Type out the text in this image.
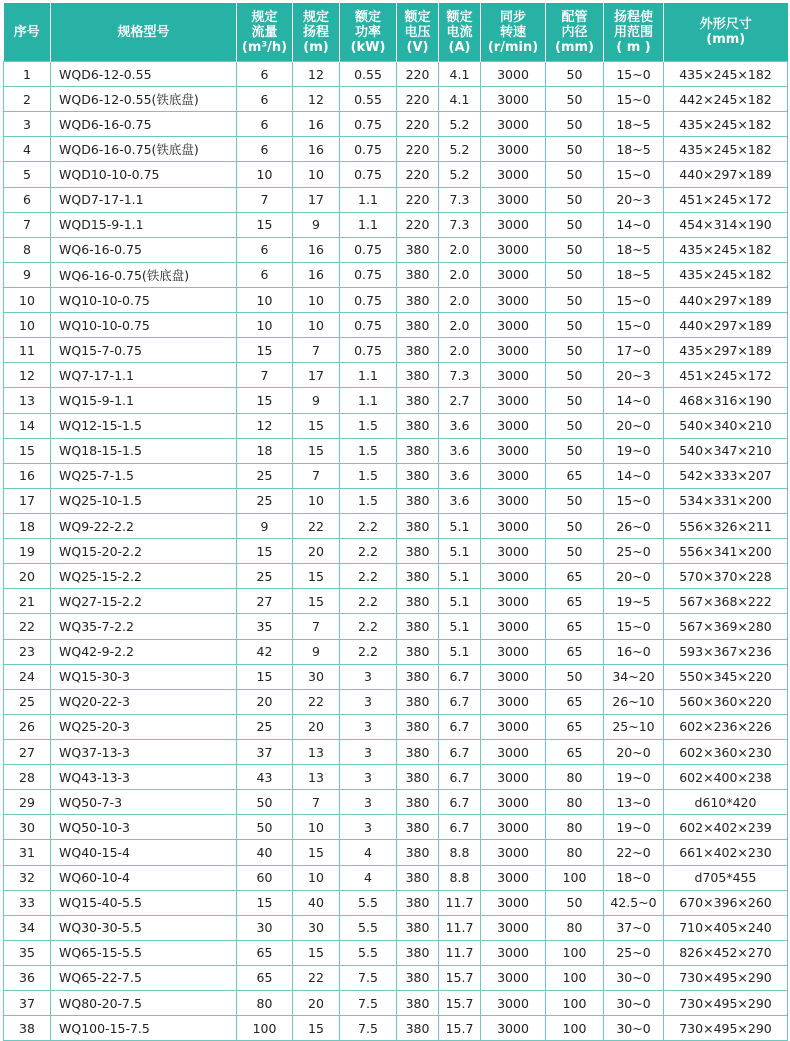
序号	规格型号	规定
流量
(m³/h)	规定
扬程
(m)	额定
功率
(kW)	额定
电压
(V)	额定
电流
(A)	同步
转速
(r/min)	配管
内径
(mm)	扬程使
用范围
( m )	外形尺寸
(mm)
1	WQD6-12-0.55	6	12	0.55	220	4.1	3000	50	15~0	435×245×182
2	WQD6-12-0.55(铁底盘)	6	12	0.55	220	4.1	3000	50	15~0	442×245×182
3	WQD6-16-0.75	6	16	0.75	220	5.2	3000	50	18~5	435×245×182
4	WQD6-16-0.75(铁底盘)	6	16	0.75	220	5.2	3000	50	18~5	435×245×182
5	WQD10-10-0.75	10	10	0.75	220	5.2	3000	50	15~0	440×297×189
6	WQD7-17-1.1	7	17	1.1	220	7.3	3000	50	20~3	451×245×172
7	WQD15-9-1.1	15	9	1.1	220	7.3	3000	50	14~0	454×314×190
8	WQ6-16-0.75	6	16	0.75	380	2.0	3000	50	18~5	435×245×182
9	WQ6-16-0.75(铁底盘)	6	16	0.75	380	2.0	3000	50	18~5	435×245×182
10	WQ10-10-0.75	10	10	0.75	380	2.0	3000	50	15~0	440×297×189
10	WQ10-10-0.75	10	10	0.75	380	2.0	3000	50	15~0	440×297×189
11	WQ15-7-0.75	15	7	0.75	380	2.0	3000	50	17~0	435×297×189
12	WQ7-17-1.1	7	17	1.1	380	7.3	3000	50	20~3	451×245×172
13	WQ15-9-1.1	15	9	1.1	380	2.7	3000	50	14~0	468×316×190
14	WQ12-15-1.5	12	15	1.5	380	3.6	3000	50	20~0	540×340×210
15	WQ18-15-1.5	18	15	1.5	380	3.6	3000	50	19~0	540×347×210
16	WQ25-7-1.5	25	7	1.5	380	3.6	3000	65	14~0	542×333×207
17	WQ25-10-1.5	25	10	1.5	380	3.6	3000	50	15~0	534×331×200
18	WQ9-22-2.2	9	22	2.2	380	5.1	3000	50	26~0	556×326×211
19	WQ15-20-2.2	15	20	2.2	380	5.1	3000	50	25~0	556×341×200
20	WQ25-15-2.2	25	15	2.2	380	5.1	3000	65	20~0	570×370×228
21	WQ27-15-2.2	27	15	2.2	380	5.1	3000	65	19~5	567×368×222
22	WQ35-7-2.2	35	7	2.2	380	5.1	3000	65	15~0	567×369×280
23	WQ42-9-2.2	42	9	2.2	380	5.1	3000	65	16~0	593×367×236
24	WQ15-30-3	15	30	3	380	6.7	3000	50	34~20	550×345×220
25	WQ20-22-3	20	22	3	380	6.7	3000	65	26~10	560×360×220
26	WQ25-20-3	25	20	3	380	6.7	3000	65	25~10	602×236×226
27	WQ37-13-3	37	13	3	380	6.7	3000	65	20~0	602×360×230
28	WQ43-13-3	43	13	3	380	6.7	3000	80	19~0	602×400×238
29	WQ50-7-3	50	7	3	380	6.7	3000	80	13~0	d610*420
30	WQ50-10-3	50	10	3	380	6.7	3000	80	19~0	602×402×239
31	WQ40-15-4	40	15	4	380	8.8	3000	80	22~0	661×402×230
32	WQ60-10-4	60	10	4	380	8.8	3000	100	18~0	d705*455
33	WQ15-40-5.5	15	40	5.5	380	11.7	3000	50	42.5~0	670×396×260
34	WQ30-30-5.5	30	30	5.5	380	11.7	3000	80	37~0	710×405×240
35	WQ65-15-5.5	65	15	5.5	380	11.7	3000	100	25~0	826×452×270
36	WQ65-22-7.5	65	22	7.5	380	15.7	3000	100	30~0	730×495×290
37	WQ80-20-7.5	80	20	7.5	380	15.7	3000	100	30~0	730×495×290
38	WQ100-15-7.5	100	15	7.5	380	15.7	3000	100	30~0	730×495×290
